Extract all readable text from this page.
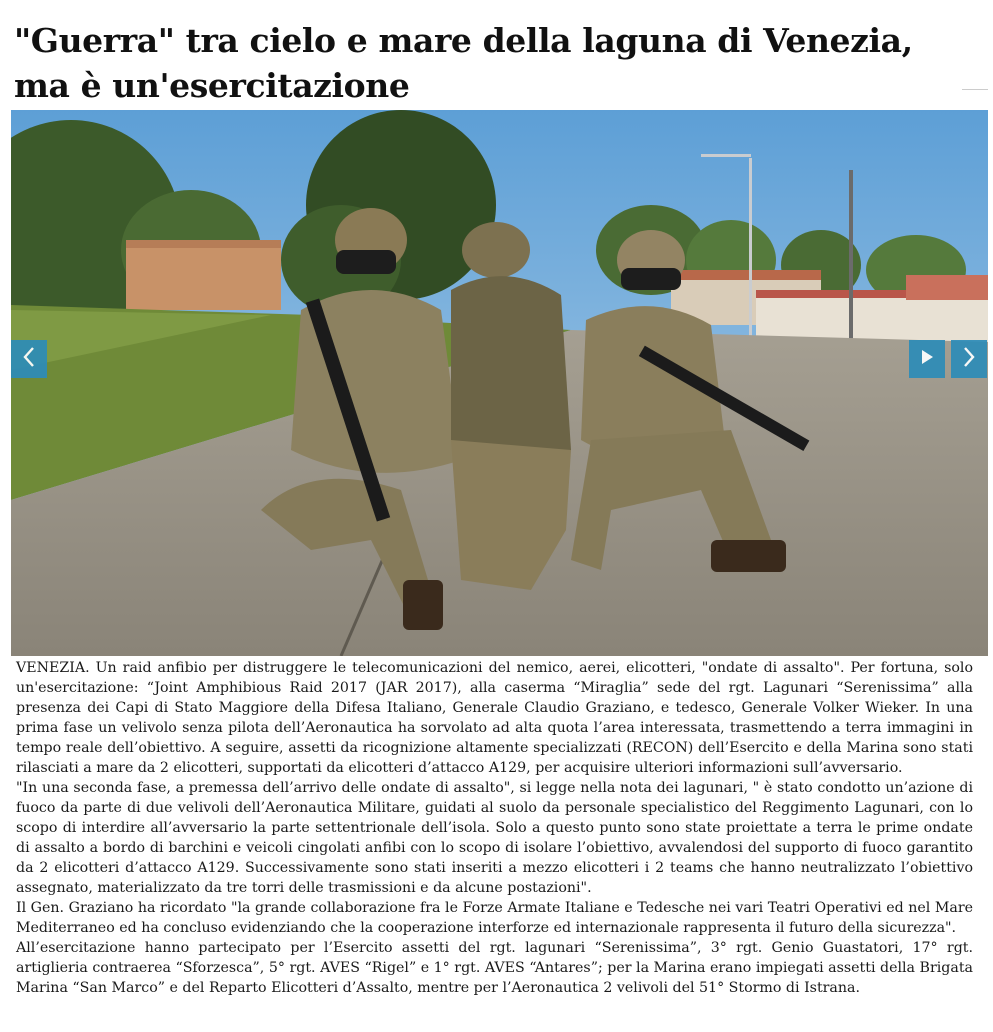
"Guerra" tra cielo e mare della laguna di Venezia, ma è un'esercitazione

VENEZIA. Un raid anfibio per distruggere le telecomunicazioni del nemico, aerei, elicotteri, "ondate di assalto". Per fortuna, solo un'esercitazione: “Joint Amphibious Raid 2017 (JAR 2017), alla caserma “Miraglia” sede del rgt. Lagunari “Serenissima” alla presenza dei Capi di Stato Maggiore della Difesa Italiano, Generale Claudio Graziano, e tedesco, Generale Volker Wieker. In una prima fase un velivolo senza pilota dell’Aeronautica ha sorvolato ad alta quota l’area interessata, trasmettendo a terra immagini in tempo reale dell’obiettivo. A seguire, assetti da ricognizione altamente specializzati (RECON) dell’Esercito e della Marina sono stati rilasciati a mare da 2 elicotteri, supportati da elicotteri d’attacco A129, per acquisire ulteriori informazioni sull’avversario.

"In una seconda fase, a premessa dell’arrivo delle ondate di assalto", si legge nella nota dei lagunari, " è stato condotto un’azione di fuoco da parte di due velivoli dell’Aeronautica Militare, guidati al suolo da personale specialistico del Reggimento Lagunari, con lo scopo di interdire all’avversario la parte settentrionale dell’isola. Solo a questo punto sono state proiettate a terra le prime ondate di assalto a bordo di barchini e veicoli cingolati anfibi con lo scopo di isolare l’obiettivo, avvalendosi del supporto di fuoco garantito da 2 elicotteri d’attacco A129. Successivamente sono stati inseriti a mezzo elicotteri i 2 teams che hanno neutralizzato l’obiettivo assegnato, materializzato da tre torri delle trasmissioni e da alcune postazioni".

Il Gen. Graziano ha ricordato "la grande collaborazione fra le Forze Armate Italiane e Tedesche nei vari Teatri Operativi ed nel Mare Mediterraneo ed ha concluso evidenziando che la cooperazione interforze ed internazionale rappresenta il futuro della sicurezza".

All’esercitazione hanno partecipato per l’Esercito assetti del rgt. lagunari “Serenissima”, 3° rgt. Genio Guastatori, 17° rgt. artiglieria contraerea “Sforzesca”, 5° rgt. AVES “Rigel” e 1° rgt. AVES “Antares”; per la Marina erano impiegati assetti della Brigata Marina “San Marco” e del Reparto Elicotteri d’Assalto, mentre per l’Aeronautica 2 velivoli del 51° Stormo di Istrana.
